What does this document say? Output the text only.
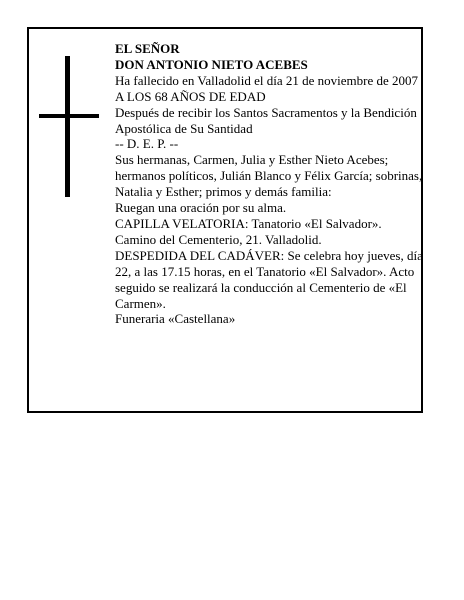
EL SEÑOR

DON ANTONIO NIETO ACEBES

Ha fallecido en Valladolid el día 21 de noviembre de 2007

A LOS 68 AÑOS DE EDAD

Después de recibir los Santos Sacramentos y la Bendición Apostólica de Su Santidad

-- D. E. P. --

Sus hermanas, Carmen, Julia y Esther Nieto Acebes; hermanos políticos, Julián Blanco y Félix García; sobrinas, Natalia y Esther; primos y demás familia:

Ruegan una oración por su alma.

CAPILLA VELATORIA: Tanatorio «El Salvador». Camino del Cementerio, 21. Valladolid.

DESPEDIDA DEL CADÁVER: Se celebra hoy jueves, día 22, a las 17.15 horas, en el Tanatorio «El Salvador». Acto seguido se realizará la conducción al Cementerio de «El Carmen».

Funeraria «Castellana»
